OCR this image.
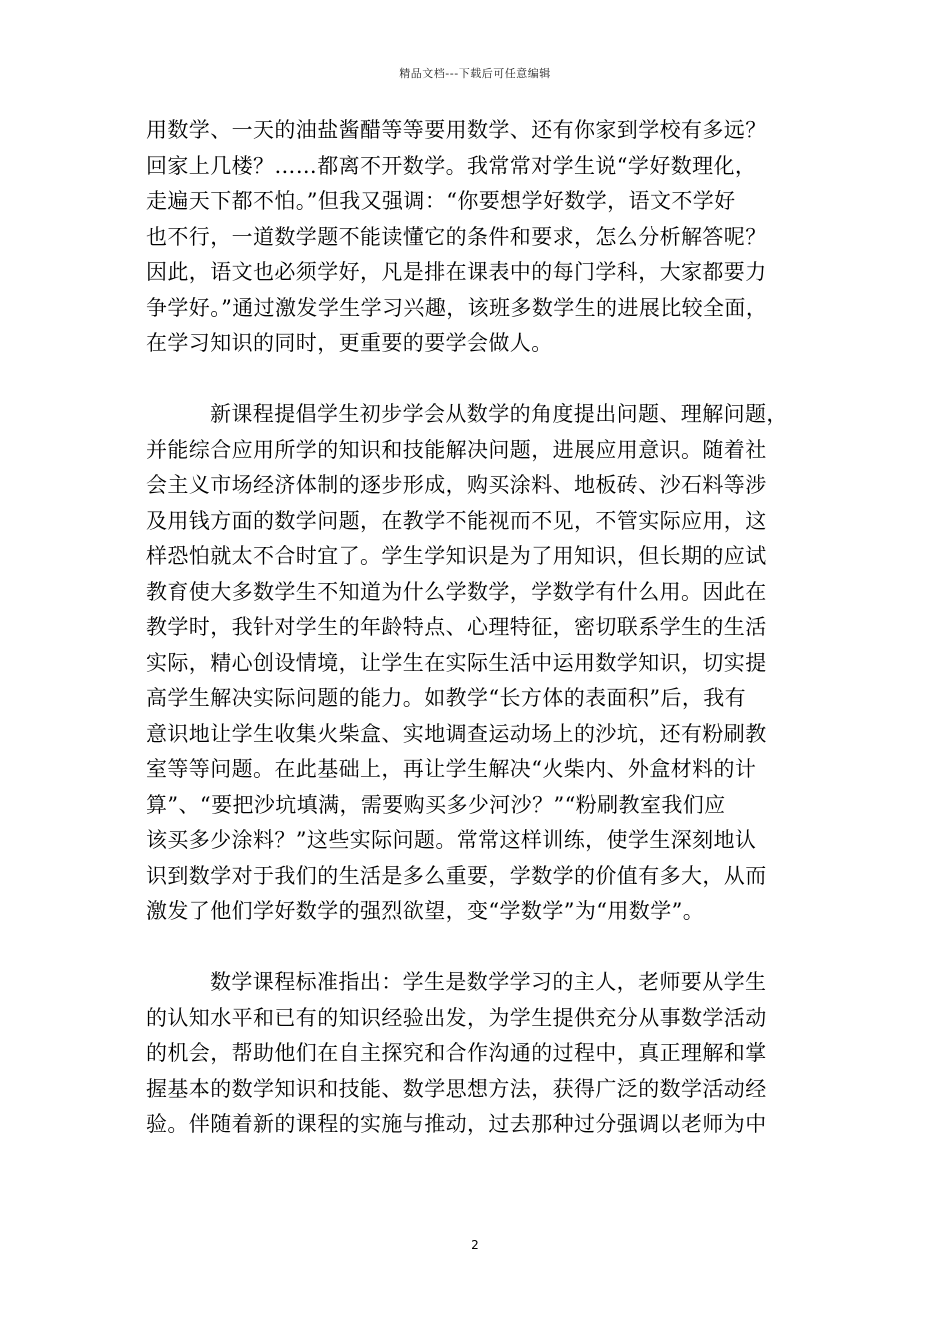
精品文档---下载后可任意编辑
用数学、一天的油盐酱醋等等要用数学、还有你家到学校有多远？
回家上几楼？……都离不开数学。我常常对学生说“学好数理化，
走遍天下都不怕。”但我又强调：“你要想学好数学，语文不学好
也不行，一道数学题不能读懂它的条件和要求，怎么分析解答呢？
因此，语文也必须学好，凡是排在课表中的每门学科，大家都要力
争学好。”通过激发学生学习兴趣，该班多数学生的进展比较全面，
在学习知识的同时，更重要的要学会做人。
新课程提倡学生初步学会从数学的角度提出问题、理解问题，
并能综合应用所学的知识和技能解决问题，进展应用意识。随着社
会主义市场经济体制的逐步形成，购买涂料、地板砖、沙石料等涉
及用钱方面的数学问题，在教学不能视而不见，不管实际应用，这
样恐怕就太不合时宜了。学生学知识是为了用知识，但长期的应试
教育使大多数学生不知道为什么学数学，学数学有什么用。因此在
教学时，我针对学生的年龄特点、心理特征，密切联系学生的生活
实际，精心创设情境，让学生在实际生活中运用数学知识，切实提
高学生解决实际问题的能力。如教学“长方体的表面积”后，我有
意识地让学生收集火柴盒、实地调查运动场上的沙坑，还有粉刷教
室等等问题。在此基础上，再让学生解决“火柴内、外盒材料的计
算”、“要把沙坑填满，需要购买多少河沙？”“粉刷教室我们应
该买多少涂料？”这些实际问题。常常这样训练，使学生深刻地认
识到数学对于我们的生活是多么重要，学数学的价值有多大，从而
激发了他们学好数学的强烈欲望，变“学数学”为“用数学”。
数学课程标准指出：学生是数学学习的主人，老师要从学生
的认知水平和已有的知识经验出发，为学生提供充分从事数学活动
的机会，帮助他们在自主探究和合作沟通的过程中，真正理解和掌
握基本的数学知识和技能、数学思想方法，获得广泛的数学活动经
验。伴随着新的课程的实施与推动，过去那种过分强调以老师为中
2
